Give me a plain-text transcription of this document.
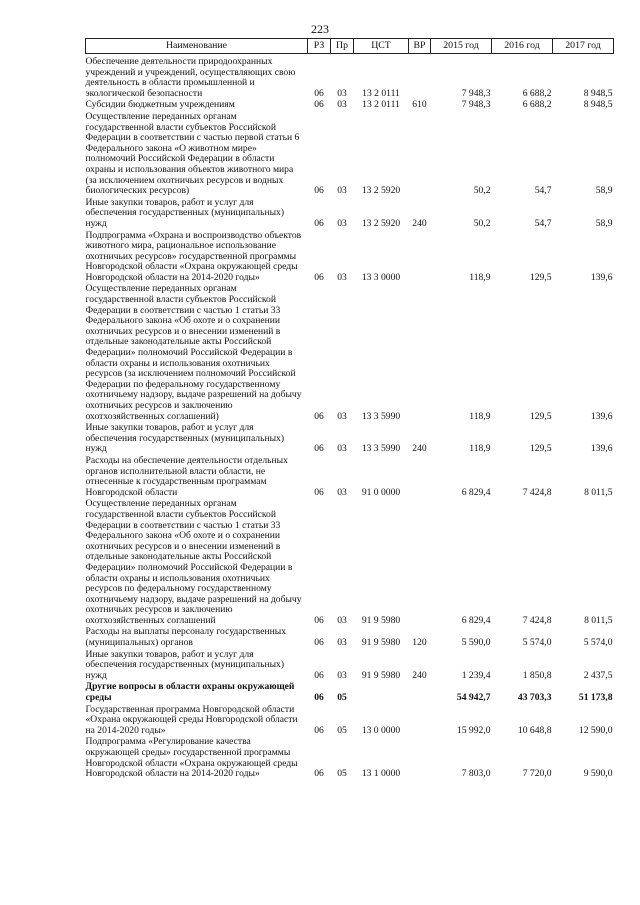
223
Наименование	РЗ	Пр	ЦСТ	ВР	2015 год	2016 год	2017 год
Обеспечение деятельности природоохранных учреждений и учреждений, осуществляющих свою деятельность в области промышленной и экологической безопасности	06	03	13 2 0111		7 948,3	6 688,2	8 948,5
Субсидии бюджетным учреждениям	06	03	13 2 0111	610	7 948,3	6 688,2	8 948,5
Осуществление переданных органам государственной власти субъектов Российской Федерации в соответствии с частью первой статьи 6 Федерального закона «О животном мире» полномочий Российской Федерации в области охраны и использования объектов животного мира (за исключением охотничьих ресурсов и водных биологических ресурсов)	06	03	13 2 5920		50,2	54,7	58,9
Иные закупки товаров, работ и услуг для обеспечения государственных (муниципальных) нужд	06	03	13 2 5920	240	50,2	54,7	58,9
Подпрограмма «Охрана и воспроизводство объектов животного мира, рациональное использование охотничьих ресурсов» государственной программы Новгородской области «Охрана окружающей среды Новгородской области на 2014-2020 годы»	06	03	13 3 0000		118,9	129,5	139,6
Осуществление переданных органам государственной власти субъектов Российской Федерации в соответствии с частью 1 статьи 33 Федерального закона «Об охоте и о сохранении охотничьих ресурсов и о внесении изменений в отдельные законодательные акты Российской Федерации» полномочий Российской Федерации в области охраны и использования охотничьих ресурсов (за исключением полномочий Российской Федерации по федеральному государственному охотничьему надзору, выдаче разрешений на добычу охотничьих ресурсов и заключению охотхозяйственных соглашений)	06	03	13 3 5990		118,9	129,5	139,6
Иные закупки товаров, работ и услуг для обеспечения государственных (муниципальных) нужд	06	03	13 3 5990	240	118,9	129,5	139,6
Расходы на обеспечение деятельности отдельных органов исполнительной власти области, не отнесенные к государственным программам Новгородской области	06	03	91 0 0000		6 829,4	7 424,8	8 011,5
Осуществление переданных органам государственной власти субъектов Российской Федерации в соответствии с частью 1 статьи 33 Федерального закона «Об охоте и о сохранении охотничьих ресурсов и о внесении изменений в отдельные законодательные акты Российской Федерации» полномочий Российской Федерации в области охраны и использования охотничьих ресурсов по федеральному государственному охотничьему надзору, выдаче разрешений на добычу охотничьих ресурсов и заключению охотхозяйственных соглашений	06	03	91 9 5980		6 829,4	7 424,8	8 011,5
Расходы на выплаты персоналу государственных (муниципальных) органов	06	03	91 9 5980	120	5 590,0	5 574,0	5 574,0
Иные закупки товаров, работ и услуг для обеспечения государственных (муниципальных) нужд	06	03	91 9 5980	240	1 239,4	1 850,8	2 437,5
Другие вопросы в области охраны окружающей среды	06	05			54 942,7	43 703,3	51 173,8
Государственная программа Новгородской области «Охрана окружающей среды Новгородской области на 2014-2020 годы»	06	05	13 0 0000		15 992,0	10 648,8	12 590,0
Подпрограмма «Регулирование качества окружающей среды» государственной программы Новгородской области «Охрана окружающей среды Новгородской области на 2014-2020 годы»	06	05	13 1 0000		7 803,0	7 720,0	9 590,0
